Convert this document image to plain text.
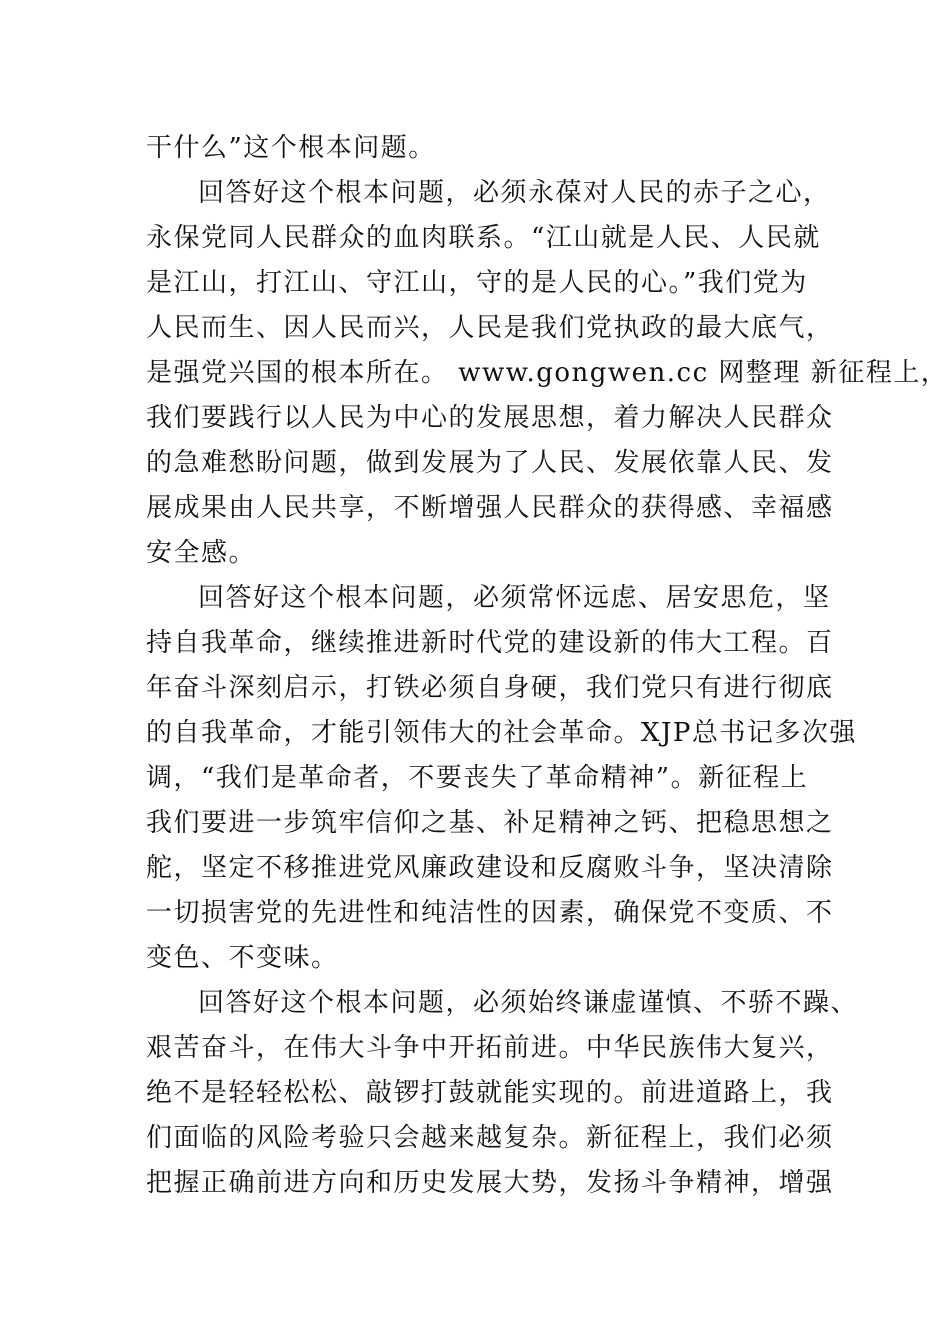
干什么”这个根本问题。
回答好这个根本问题，必须永葆对人民的赤子之心，
永保党同人民群众的血肉联系。“江山就是人民、人民就
是江山，打江山、守江山，守的是人民的心。”我们党为
人民而生、因人民而兴，人民是我们党执政的最大底气，
是强党兴国的根本所在。 www.gongwen.cc 网整理 新征程上，
我们要践行以人民为中心的发展思想，着力解决人民群众
的急难愁盼问题，做到发展为了人民、发展依靠人民、发
展成果由人民共享，不断增强人民群众的获得感、幸福感
安全感。
回答好这个根本问题，必须常怀远虑、居安思危，坚
持自我革命，继续推进新时代党的建设新的伟大工程。百
年奋斗深刻启示，打铁必须自身硬，我们党只有进行彻底
的自我革命，才能引领伟大的社会革命。XJP总书记多次强
调，“我们是革命者，不要丧失了革命精神”。新征程上
我们要进一步筑牢信仰之基、补足精神之钙、把稳思想之
舵，坚定不移推进党风廉政建设和反腐败斗争，坚决清除
一切损害党的先进性和纯洁性的因素，确保党不变质、不
变色、不变味。
回答好这个根本问题，必须始终谦虚谨慎、不骄不躁、
艰苦奋斗，在伟大斗争中开拓前进。中华民族伟大复兴，
绝不是轻轻松松、敲锣打鼓就能实现的。前进道路上，我
们面临的风险考验只会越来越复杂。新征程上，我们必须
把握正确前进方向和历史发展大势，发扬斗争精神，增强
